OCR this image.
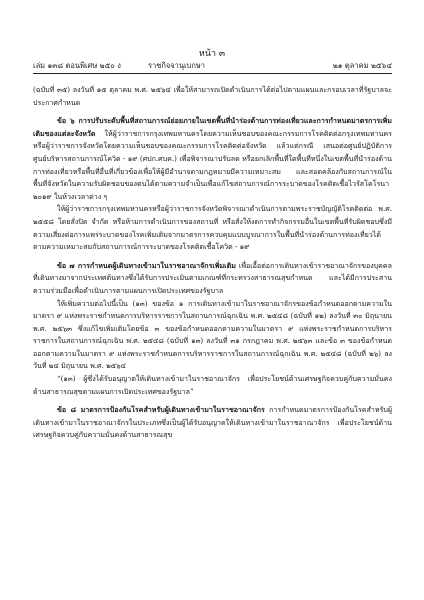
หน้า ๓
เล่ม ๑๓๘ ตอนพิเศษ ๒๕๐ ง	ราชกิจจานุเบกษา	๒๑ ตุลาคม ๒๕๖๔

(ฉบับที่ ๓๕) ลงวันที่ ๑๕ ตุลาคม พ.ศ. ๒๕๖๔ เพื่อให้สามารถเปิดดำเนินการได้ต่อไปตามแผนและกรอบเวลาที่รัฐบาลจะประกาศกำหนด

ข้อ ๖ การปรับระดับพื้นที่สถานการณ์ย่อยภายในเขตพื้นที่นำร่องด้านการท่องเที่ยวและการกำหนดมาตรการเพิ่มเติมของแต่ละจังหวัด ให้ผู้ว่าราชการกรุงเทพมหานครโดยความเห็นชอบของคณะกรรมการโรคติดต่อกรุงเทพมหานคร หรือผู้ว่าราชการจังหวัดโดยความเห็นชอบของคณะกรรมการโรคติดต่อจังหวัด แล้วแต่กรณี เสนอต่อศูนย์ปฏิบัติการ ศูนย์บริหารสถานการณ์โควิด - ๑๙ (ศปก.ศบค.) เพื่อพิจารณาปรับลด หรือยกเลิกพื้นที่ใดพื้นที่หนึ่งในเขตพื้นที่นำร่องด้านการท่องเที่ยวหรือพื้นที่อื่นที่เกี่ยวข้องเพื่อให้ผู้มีอำนาจตามกฎหมายมีความเหมาะสม และสอดคล้องกับสถานการณ์ในพื้นที่จังหวัดในความรับผิดชอบของตนได้ตามความจำเป็นเพื่อแก้ไขสถานการณ์การระบาดของโรคติดเชื้อไวรัสโคโรนา ๒๐๑๙ ในห้วงเวลาต่าง ๆ

ให้ผู้ว่าราชการกรุงเทพมหานครหรือผู้ว่าราชการจังหวัดพิจารณาดำเนินการตามพระราชบัญญัติโรคติดต่อ พ.ศ. ๒๕๕๘ โดยสั่งปิด จำกัด หรือห้ามการดำเนินการของสถานที่ หรือสั่งให้งดการทำกิจกรรมอื่นในเขตพื้นที่รับผิดชอบซึ่งมีความเสี่ยงต่อการแพร่ระบาดของโรคเพิ่มเติมจากมาตรการควบคุมแบบบูรณาการในพื้นที่นำร่องด้านการท่องเที่ยวได้ตามความเหมาะสมกับสถานการณ์การระบาดของโรคติดเชื้อโควิด - ๑๙

ข้อ ๗ การกำหนดผู้เดินทางเข้ามาในราชอาณาจักรเพิ่มเติม เพื่อเอื้อต่อการเดินทางเข้าราชอาณาจักรของบุคคลที่เดินทางมาจากประเทศต้นทางซึ่งได้รับการประเมินตามเกณฑ์ที่กระทรวงสาธารณสุขกำหนด และได้มีการประสานความร่วมมือเพื่อดำเนินการตามแผนการเปิดประเทศของรัฐบาล

ให้เพิ่มความต่อไปนี้เป็น (๑๓) ของข้อ ๑ การเดินทางเข้ามาในราชอาณาจักรของข้อกำหนดออกตามความในมาตรา ๙ แห่งพระราชกำหนดการบริหารราชการในสถานการณ์ฉุกเฉิน พ.ศ. ๒๕๔๘ (ฉบับที่ ๑๒) ลงวันที่ ๓๐ มิถุนายน พ.ศ. ๒๕๖๓ ซึ่งแก้ไขเพิ่มเติมโดยข้อ ๓ ของข้อกำหนดออกตามความในมาตรา ๙ แห่งพระราชกำหนดการบริหารราชการในสถานการณ์ฉุกเฉิน พ.ศ. ๒๕๔๘ (ฉบับที่ ๑๓) ลงวันที่ ๓๑ กรกฎาคม พ.ศ. ๒๕๖๓ และข้อ ๓ ของข้อกำหนดออกตามความในมาตรา ๙ แห่งพระราชกำหนดการบริหารราชการในสถานการณ์ฉุกเฉิน พ.ศ. ๒๕๔๘ (ฉบับที่ ๒๖) ลงวันที่ ๒๔ มิถุนายน พ.ศ. ๒๕๖๔

“(๑๓) ผู้ซึ่งได้รับอนุญาตให้เดินทางเข้ามาในราชอาณาจักร เพื่อประโยชน์ด้านเศรษฐกิจควบคู่กับความมั่นคงด้านสาธารณสุขตามแผนการเปิดประเทศของรัฐบาล”

ข้อ ๘ มาตรการป้องกันโรคสำหรับผู้เดินทางเข้ามาในราชอาณาจักร การกำหนดมาตรการป้องกันโรคสำหรับผู้เดินทางเข้ามาในราชอาณาจักรในประเภทซึ่งเป็นผู้ได้รับอนุญาตให้เดินทางเข้ามาในราชอาณาจักร เพื่อประโยชน์ด้านเศรษฐกิจควบคู่กับความมั่นคงด้านสาธารณสุข
